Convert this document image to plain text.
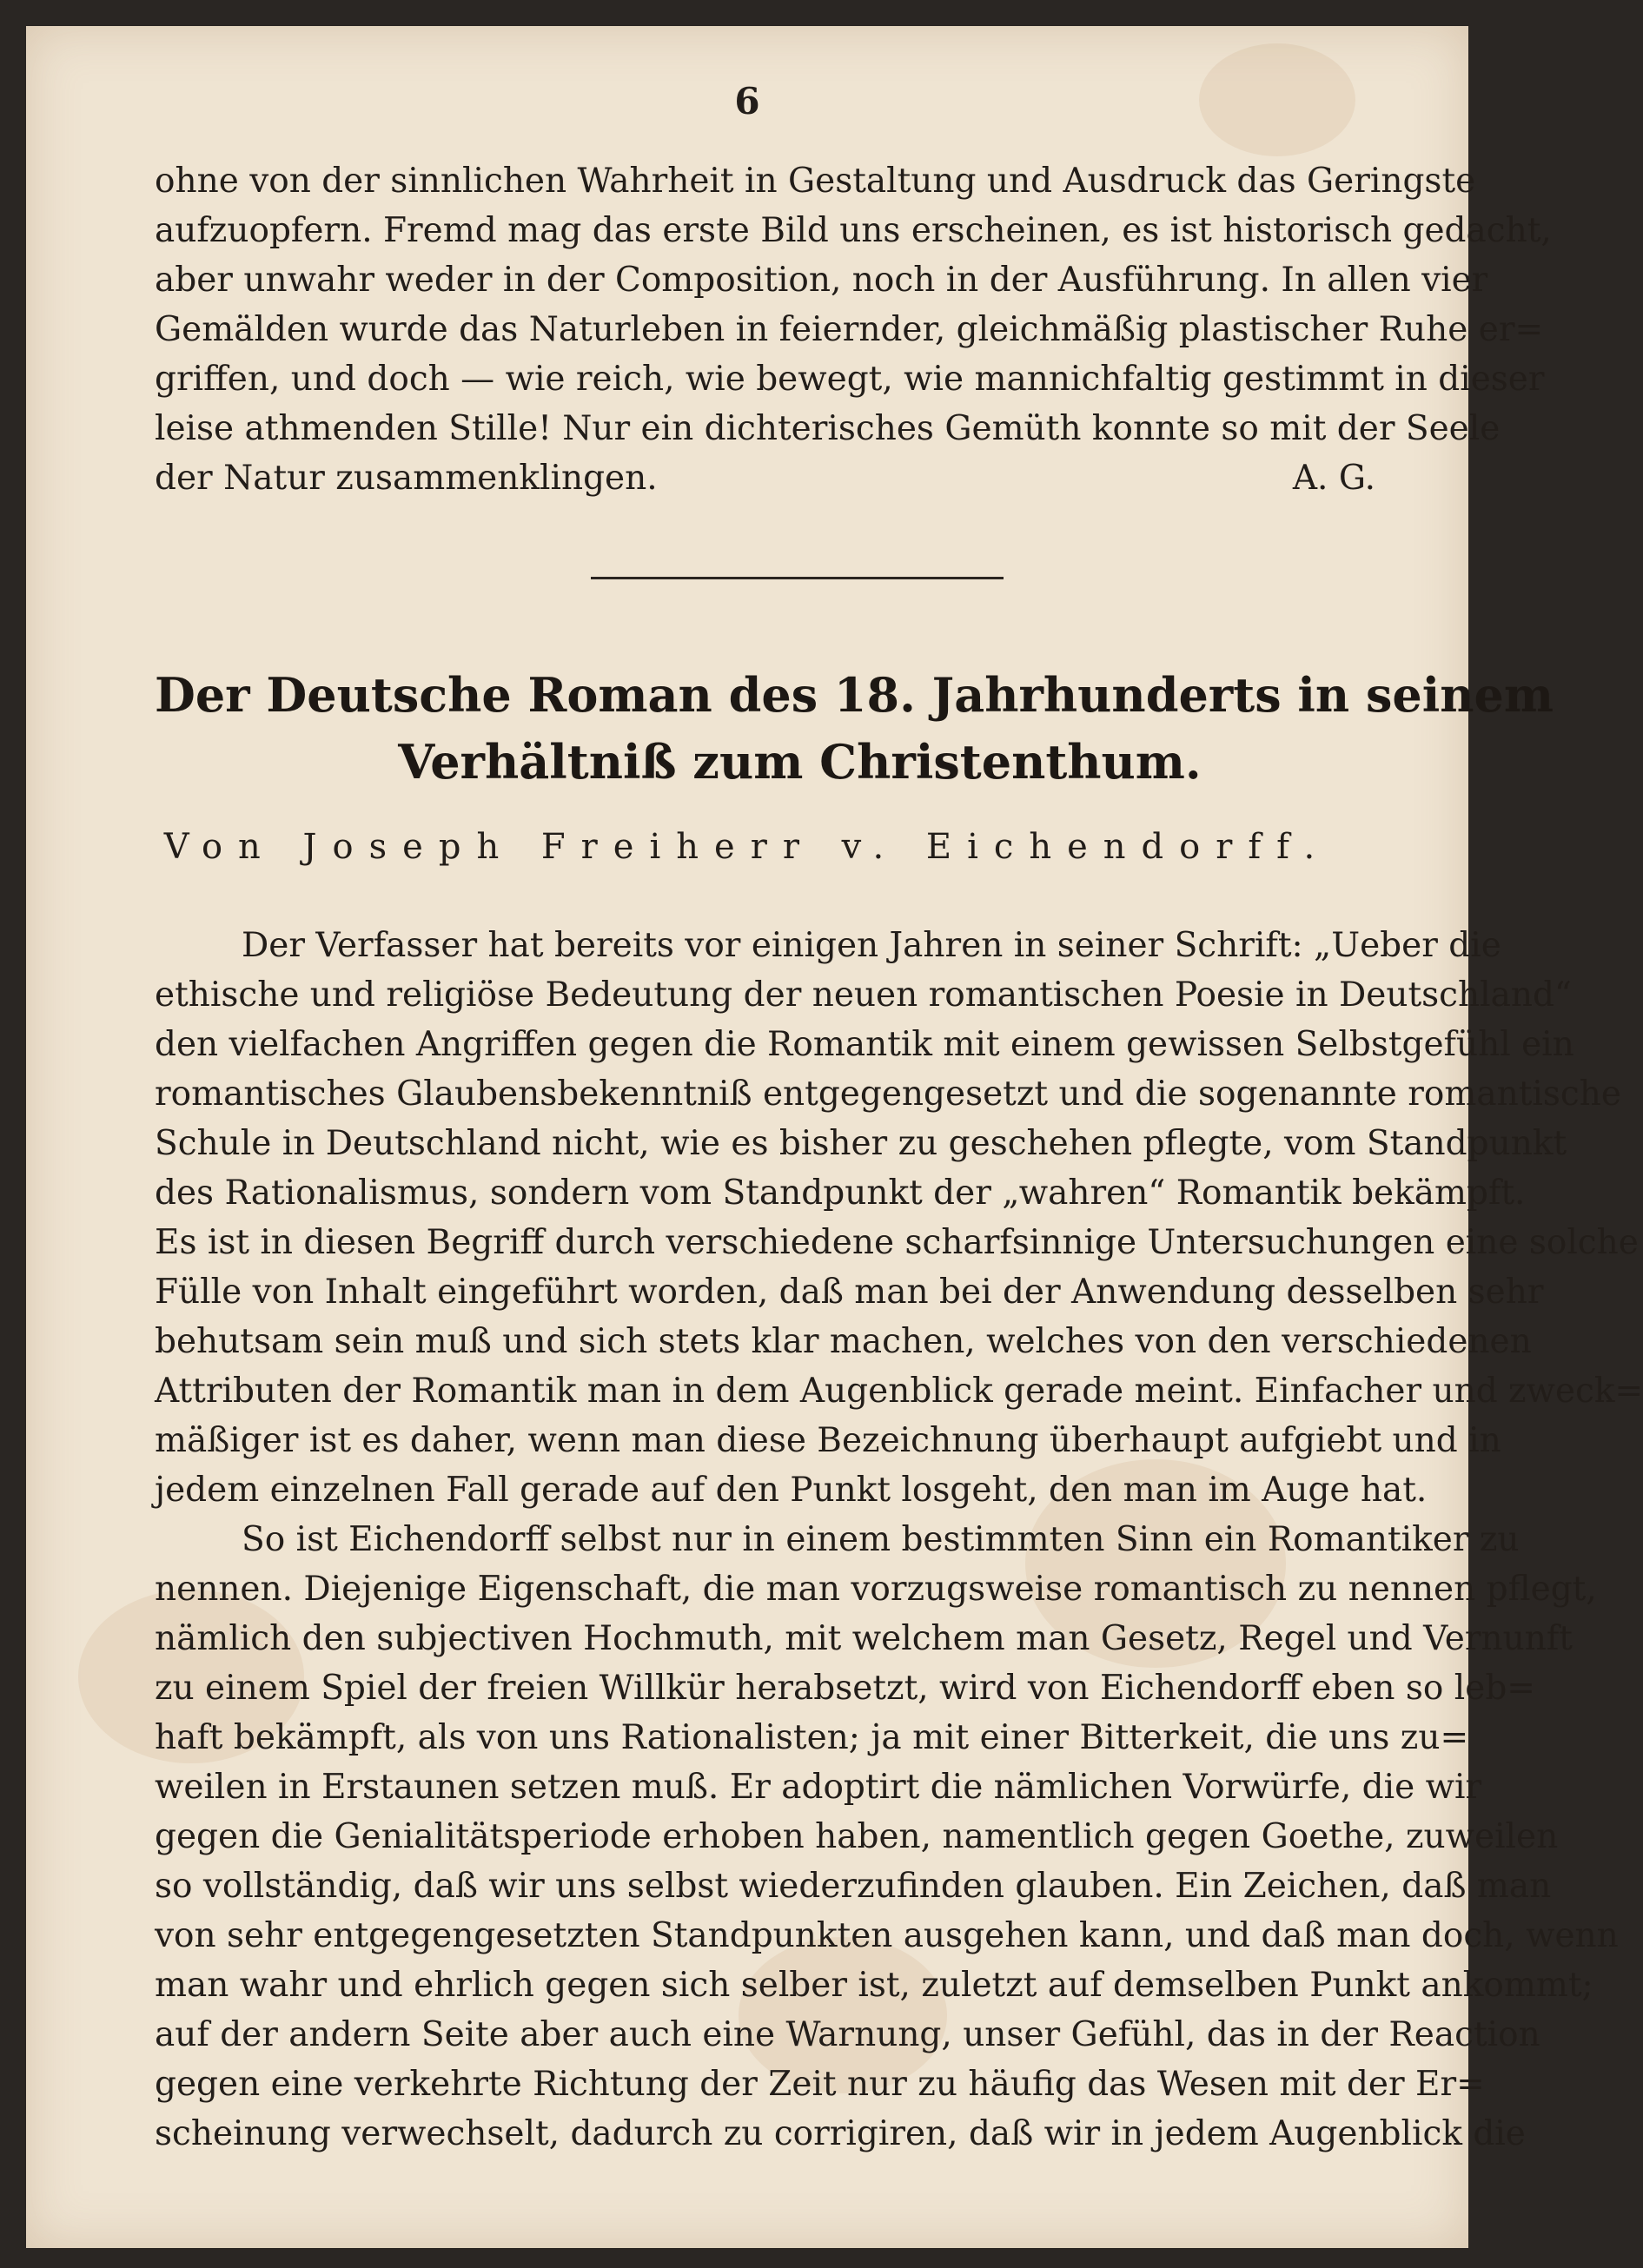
6
ohne von der sinnlichen Wahrheit in Gestaltung und Ausdruck das Geringste
aufzuopfern. Fremd mag das erste Bild uns erscheinen, es ist historisch gedacht,
aber unwahr weder in der Composition, noch in der Ausführung. In allen vier
Gemälden wurde das Naturleben in feiernder, gleichmäßig plastischer Ruhe er=
griffen, und doch — wie reich, wie bewegt, wie mannichfaltig gestimmt in dieser
leise athmenden Stille! Nur ein dichterisches Gemüth konnte so mit der Seele
der Natur zusammenklingen.	A. G.
Der Deutsche Roman des 18. Jahrhunderts in seinem
Verhältniß zum Christenthum.
Von Joseph Freiherr v. Eichendorff.
Der Verfasser hat bereits vor einigen Jahren in seiner Schrift: „Ueber die
ethische und religiöse Bedeutung der neuen romantischen Poesie in Deutschland“
den vielfachen Angriffen gegen die Romantik mit einem gewissen Selbstgefühl ein
romantisches Glaubensbekenntniß entgegengesetzt und die sogenannte romantische
Schule in Deutschland nicht, wie es bisher zu geschehen pflegte, vom Standpunkt
des Rationalismus, sondern vom Standpunkt der „wahren“ Romantik bekämpft.
Es ist in diesen Begriff durch verschiedene scharfsinnige Untersuchungen eine solche
Fülle von Inhalt eingeführt worden, daß man bei der Anwendung desselben sehr
behutsam sein muß und sich stets klar machen, welches von den verschiedenen
Attributen der Romantik man in dem Augenblick gerade meint. Einfacher und zweck=
mäßiger ist es daher, wenn man diese Bezeichnung überhaupt aufgiebt und in
jedem einzelnen Fall gerade auf den Punkt losgeht, den man im Auge hat.
So ist Eichendorff selbst nur in einem bestimmten Sinn ein Romantiker zu
nennen. Diejenige Eigenschaft, die man vorzugsweise romantisch zu nennen pflegt,
nämlich den subjectiven Hochmuth, mit welchem man Gesetz, Regel und Vernunft
zu einem Spiel der freien Willkür herabsetzt, wird von Eichendorff eben so leb=
haft bekämpft, als von uns Rationalisten; ja mit einer Bitterkeit, die uns zu=
weilen in Erstaunen setzen muß. Er adoptirt die nämlichen Vorwürfe, die wir
gegen die Genialitätsperiode erhoben haben, namentlich gegen Goethe, zuweilen
so vollständig, daß wir uns selbst wiederzufinden glauben. Ein Zeichen, daß man
von sehr entgegengesetzten Standpunkten ausgehen kann, und daß man doch, wenn
man wahr und ehrlich gegen sich selber ist, zuletzt auf demselben Punkt ankommt;
auf der andern Seite aber auch eine Warnung, unser Gefühl, das in der Reaction
gegen eine verkehrte Richtung der Zeit nur zu häufig das Wesen mit der Er=
scheinung verwechselt, dadurch zu corrigiren, daß wir in jedem Augenblick die
